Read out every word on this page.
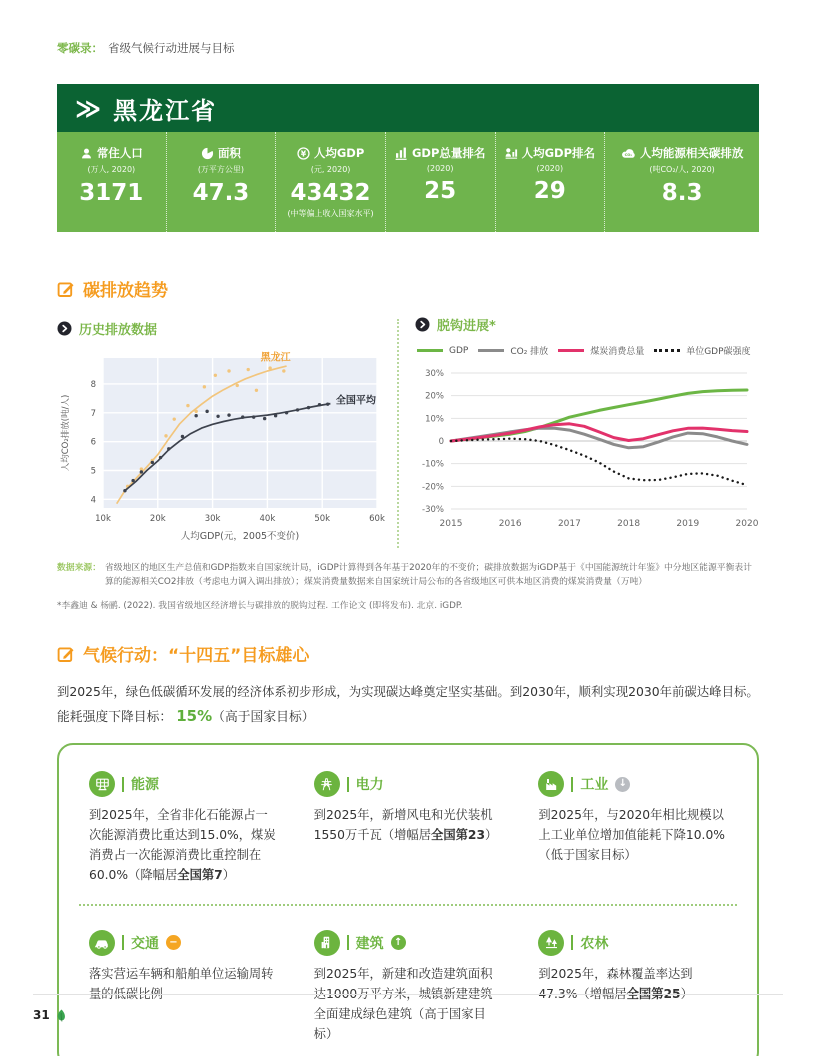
零碳录： 省级气候行动进展与目标
≫ 黑龙江省
常住人口
(万人, 2020)
3171
面积
(万平方公里)
47.3
¥ 人均GDP
(元, 2020)
43432
(中等偏上收入国家水平)
GDP总量排名
(2020)
25
人均GDP排名
(2020)
29
CO₂ 人均能源相关碳排放
(吨CO₂/人, 2020)
8.3
碳排放趋势
历史排放数据
10k	20k	30k	40k	50k	60k
4
5
6
7
8
黑龙江
全国平均
人均GDP(元，2005不变价)
人均CO₂排放(吨/人)
脱钩进展*
GDP	CO₂ 排放	煤炭消费总量	单位GDP碳强度
30%
20%
10%
0
-10%
-20%
-30%
2015	2016	2017	2018	2019	2020
数据来源： 省级地区的地区生产总值和GDP指数来自国家统计局，iGDP计算得到各年基于2020年的不变价；碳排放数据为iGDP基于《中国能源统计年鉴》中分地区能源平衡表计算的能源相关CO2排放（考虑电力调入调出排放）；煤炭消费量数据来自国家统计局公布的各省级地区可供本地区消费的煤炭消费量（万吨）
*李鑫迪 & 杨鹂. (2022). 我国省级地区经济增长与碳排放的脱钩过程. 工作论文 (即将发布). 北京. iGDP.
气候行动：“十四五”目标雄心
到2025年，绿色低碳循环发展的经济体系初步形成，为实现碳达峰奠定坚实基础。到2030年，顺利实现2030年前碳达峰目标。
能耗强度下降目标： 15%（高于国家目标）
能源
到2025年，全省非化石能源占一次能源消费比重达到15.0%，煤炭消费占一次能源消费比重控制在60.0%（降幅居全国第7）
电力
到2025年，新增风电和光伏装机1550万千瓦（增幅居全国第23）
工业	↓
到2025年，与2020年相比规模以上工业单位增加值能耗下降10.0%（低于国家目标）
交通	−
落实营运车辆和船舶单位运输周转量的低碳比例
建筑	↑
到2025年，新建和改造建筑面积达1000万平方米，城镇新建建筑全面建成绿色建筑（高于国家目标）
农林
到2025年，森林覆盖率达到47.3%（增幅居全国第25）
31
